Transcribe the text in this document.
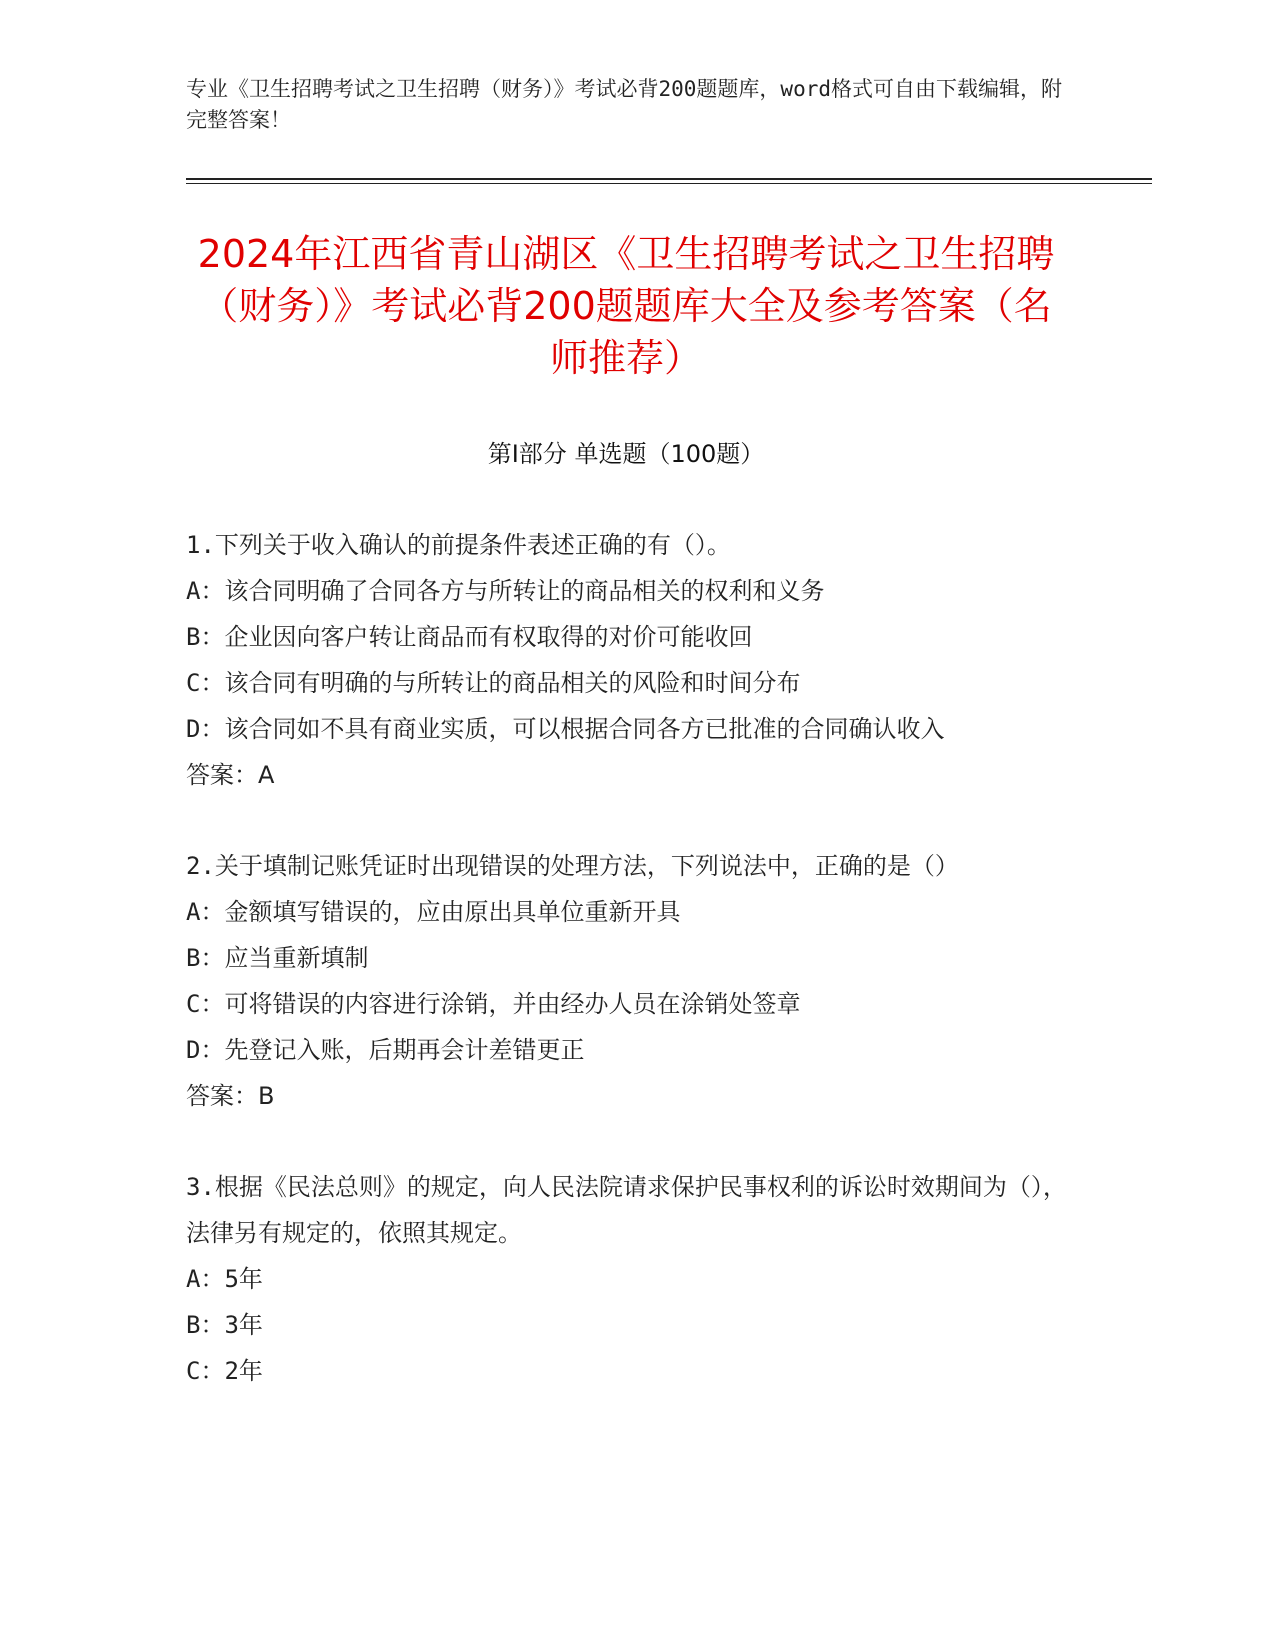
专业《卫生招聘考试之卫生招聘（财务）》考试必背200题题库，word格式可自由下载编辑，附完整答案！
2024年江西省青山湖区《卫生招聘考试之卫生招聘（财务）》考试必背200题题库大全及参考答案（名师推荐）
第Ⅰ部分 单选题（100题）
1.下列关于收入确认的前提条件表述正确的有（）。
A：该合同明确了合同各方与所转让的商品相关的权利和义务
B：企业因向客户转让商品而有权取得的对价可能收回
C：该合同有明确的与所转让的商品相关的风险和时间分布
D：该合同如不具有商业实质，可以根据合同各方已批准的合同确认收入
答案：A
2.关于填制记账凭证时出现错误的处理方法，下列说法中，正确的是（）
A：金额填写错误的，应由原出具单位重新开具
B：应当重新填制
C：可将错误的内容进行涂销，并由经办人员在涂销处签章
D：先登记入账，后期再会计差错更正
答案：B
3.根据《民法总则》的规定，向人民法院请求保护民事权利的诉讼时效期间为（），法律另有规定的，依照其规定。
A：5年
B：3年
C：2年
